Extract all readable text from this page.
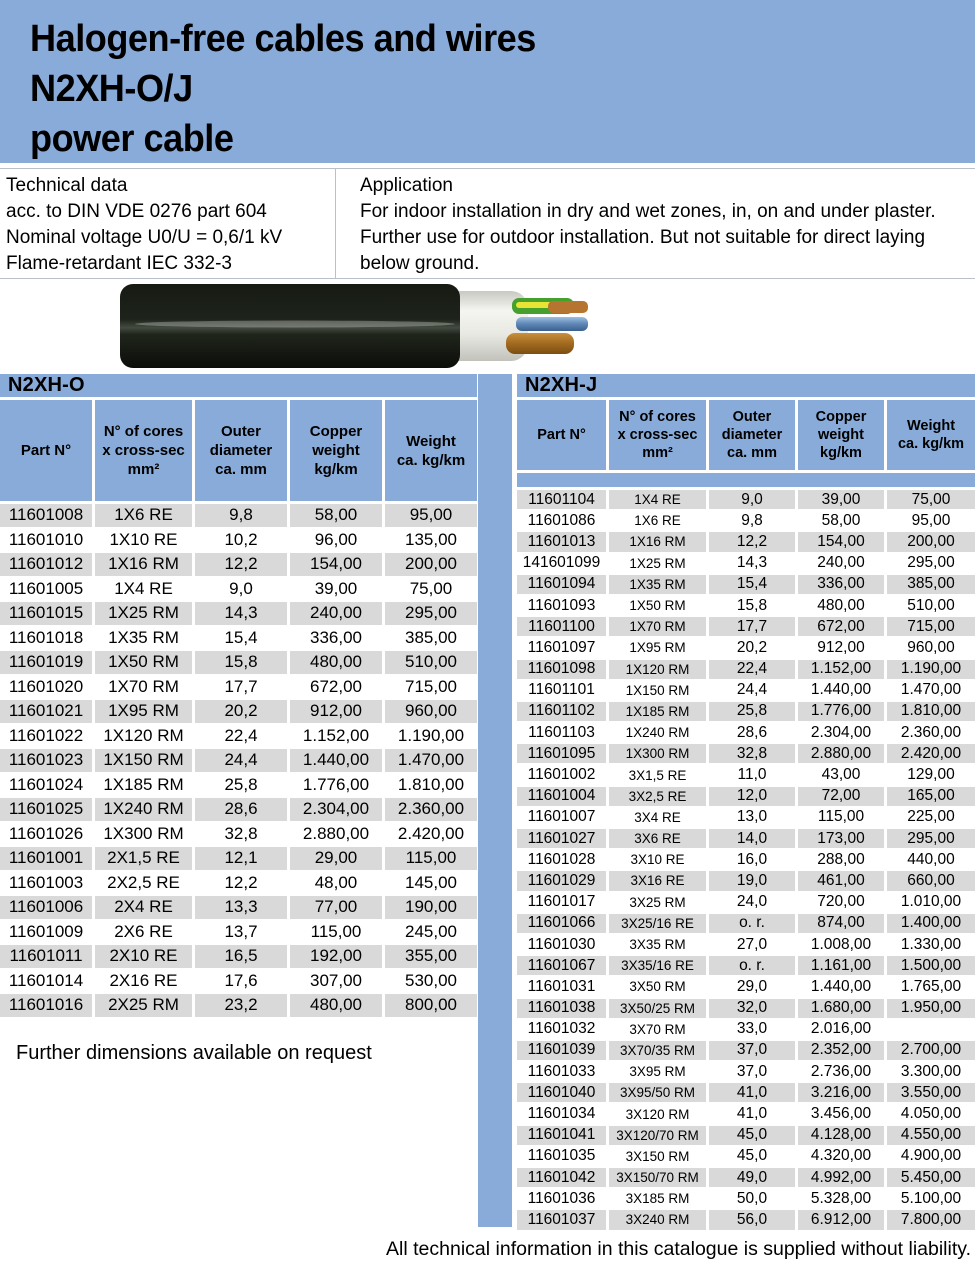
Halogen-free cables and wires
N2XH-O/J
power cable
Technical data
acc. to DIN VDE 0276 part 604
Nominal voltage U0/U = 0,6/1 kV
Flame-retardant IEC 332-3
Application
For indoor installation in dry and wet zones, in, on and under plaster. Further use for outdoor installation. But not suitable for direct laying below ground.
N2XH-O
Part N°
N° of cores
x cross-sec
mm²
Outer
diameter
ca. mm
Copper
weight
kg/km
Weight
ca. kg/km
11601008	1X6 RE	9,8	58,00	95,00
11601010	1X10 RE	10,2	96,00	135,00
11601012	1X16 RM	12,2	154,00	200,00
11601005	1X4 RE	9,0	39,00	75,00
11601015	1X25 RM	14,3	240,00	295,00
11601018	1X35 RM	15,4	336,00	385,00
11601019	1X50 RM	15,8	480,00	510,00
11601020	1X70 RM	17,7	672,00	715,00
11601021	1X95 RM	20,2	912,00	960,00
11601022	1X120 RM	22,4	1.152,00	1.190,00
11601023	1X150 RM	24,4	1.440,00	1.470,00
11601024	1X185 RM	25,8	1.776,00	1.810,00
11601025	1X240 RM	28,6	2.304,00	2.360,00
11601026	1X300 RM	32,8	2.880,00	2.420,00
11601001	2X1,5 RE	12,1	29,00	115,00
11601003	2X2,5 RE	12,2	48,00	145,00
11601006	2X4 RE	13,3	77,00	190,00
11601009	2X6 RE	13,7	115,00	245,00
11601011	2X10 RE	16,5	192,00	355,00
11601014	2X16 RE	17,6	307,00	530,00
11601016	2X25 RM	23,2	480,00	800,00
N2XH-J
Part N°
N° of cores
x cross-sec
mm²
Outer
diameter
ca. mm
Copper
weight
kg/km
Weight
ca. kg/km
11601104	1X4 RE	9,0	39,00	75,00
11601086	1X6 RE	9,8	58,00	95,00
11601013	1X16 RM	12,2	154,00	200,00
141601099	1X25 RM	14,3	240,00	295,00
11601094	1X35 RM	15,4	336,00	385,00
11601093	1X50 RM	15,8	480,00	510,00
11601100	1X70 RM	17,7	672,00	715,00
11601097	1X95 RM	20,2	912,00	960,00
11601098	1X120 RM	22,4	1.152,00	1.190,00
11601101	1X150 RM	24,4	1.440,00	1.470,00
11601102	1X185 RM	25,8	1.776,00	1.810,00
11601103	1X240 RM	28,6	2.304,00	2.360,00
11601095	1X300 RM	32,8	2.880,00	2.420,00
11601002	3X1,5 RE	11,0	43,00	129,00
11601004	3X2,5 RE	12,0	72,00	165,00
11601007	3X4 RE	13,0	115,00	225,00
11601027	3X6 RE	14,0	173,00	295,00
11601028	3X10 RE	16,0	288,00	440,00
11601029	3X16 RE	19,0	461,00	660,00
11601017	3X25 RM	24,0	720,00	1.010,00
11601066	3X25/16 RE	o. r.	874,00	1.400,00
11601030	3X35 RM	27,0	1.008,00	1.330,00
11601067	3X35/16 RE	o. r.	1.161,00	1.500,00
11601031	3X50 RM	29,0	1.440,00	1.765,00
11601038	3X50/25 RM	32,0	1.680,00	1.950,00
11601032	3X70 RM	33,0	2.016,00
11601039	3X70/35 RM	37,0	2.352,00	2.700,00
11601033	3X95 RM	37,0	2.736,00	3.300,00
11601040	3X95/50 RM	41,0	3.216,00	3.550,00
11601034	3X120 RM	41,0	3.456,00	4.050,00
11601041	3X120/70 RM	45,0	4.128,00	4.550,00
11601035	3X150 RM	45,0	4.320,00	4.900,00
11601042	3X150/70 RM	49,0	4.992,00	5.450,00
11601036	3X185 RM	50,0	5.328,00	5.100,00
11601037	3X240 RM	56,0	6.912,00	7.800,00
Further dimensions available on request
All technical information in this catalogue is supplied without liability.
